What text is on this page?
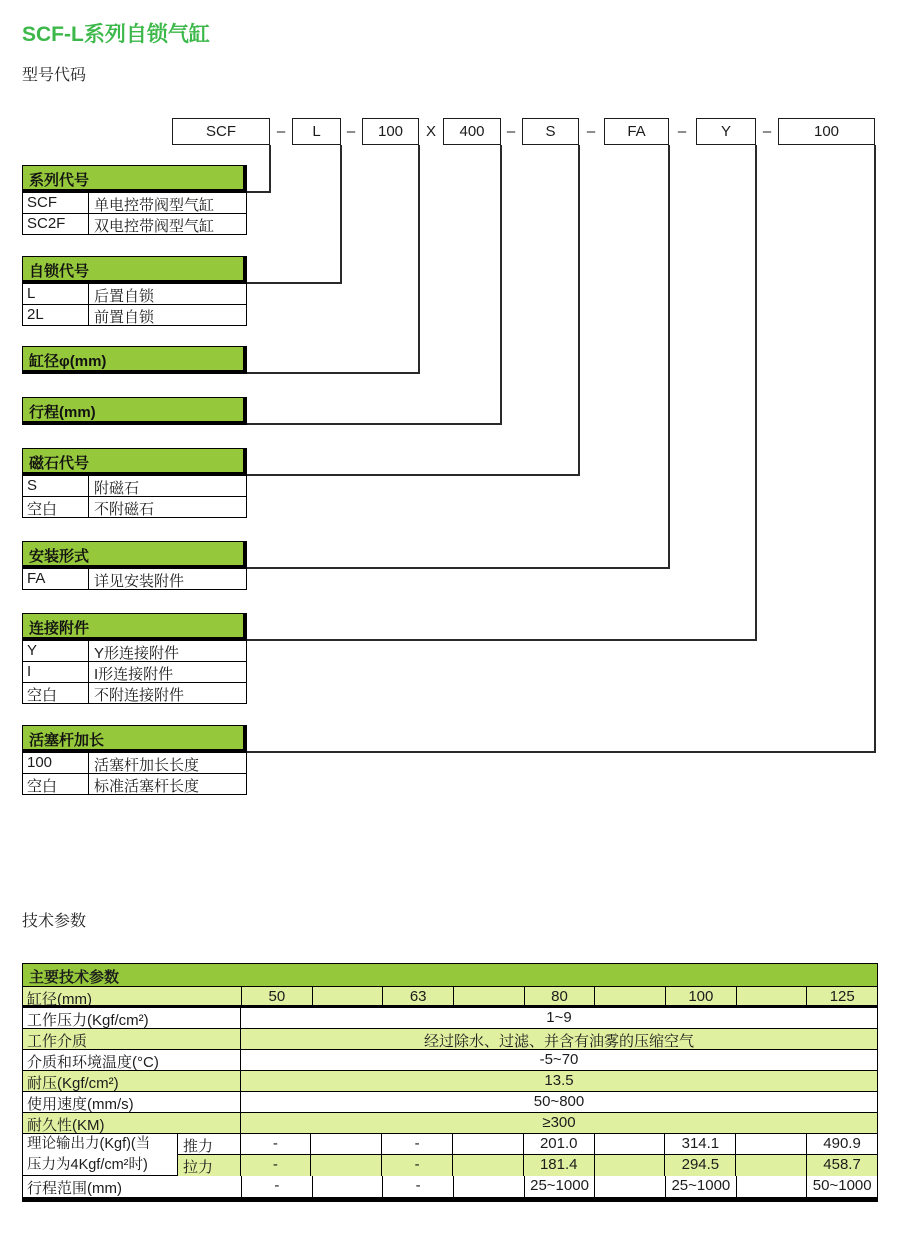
SCF-L系列自锁气缸
型号代码
SCF	L	100	400	S	FA	Y	100
–	–	X	–	–	–	–
系列代号
SCF	单电控带阀型气缸
SC2F	双电控带阀型气缸
自锁代号
L	后置自锁
2L	前置自锁
缸径φ(mm)
行程(mm)
磁石代号
S	附磁石
空白	不附磁石
安装形式
FA	详见安装附件
连接附件
Y	Y形连接附件
I	I形连接附件
空白	不附连接附件
活塞杆加长
100	活塞杆加长长度
空白	标准活塞杆长度
技术参数
主要技术参数
缸径(mm)	50	63	80	100	125
工作压力(Kgf/cm²)	1~9
工作介质	经过除水、过滤、并含有油雾的压缩空气
介质和环境温度(°C)	-5~70
耐压(Kgf/cm²)	13.5
使用速度(mm/s)	50~800
耐久性(KM)	≥300
理论输出力(Kgf)(当
压力为4Kgf/cm²时)
推力	-	-	201.0	314.1	490.9
拉力	-	-	181.4	294.5	458.7
行程范围(mm)	-	-	25~1000	25~1000	50~1000
